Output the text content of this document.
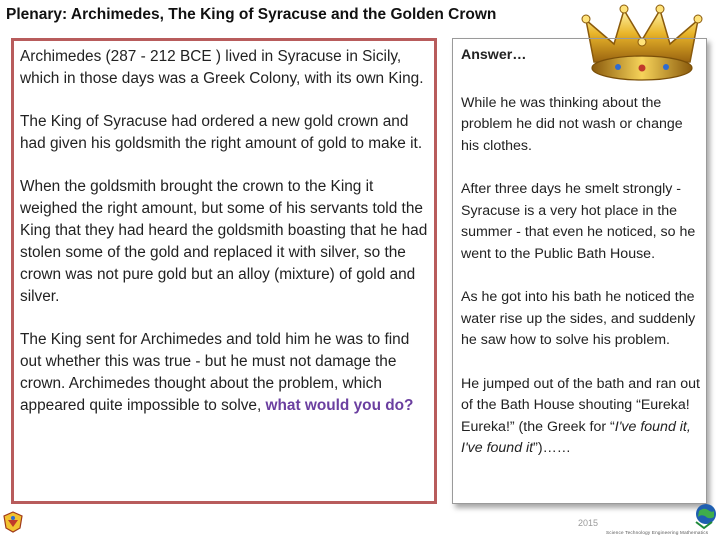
Plenary: Archimedes, The King of Syracuse and the Golden Crown

Archimedes (287 - 212 BCE ) lived in Syracuse in Sicily, which in those days was a Greek Colony, with its own King.

The King of Syracuse had ordered a new gold crown and had given his goldsmith the right amount of gold to make it.

When the goldsmith brought the crown to the King it weighed the right amount, but some of his servants told the King that they had heard the goldsmith boasting that he had stolen some of the gold and replaced it with silver, so the crown was not pure gold but an alloy (mixture) of gold and silver.

The King sent for Archimedes and told him he was to find out whether this was true - but he must not damage the crown. Archimedes thought about the problem, which appeared quite impossible to solve, what would you do?

Answer…

While he was thinking about the problem he did not wash or change his clothes.

After three days he smelt strongly - Syracuse is a very hot place in the summer - that even he noticed, so he went to the Public Bath House.

As he got into his bath he noticed the water rise up the sides, and suddenly he saw how to solve his problem.

He jumped out of the bath and ran out of the Bath House shouting “Eureka! Eureka!” (the Greek for “I've found it, I've found it”)……

2015
Science Technology Engineering Mathematics
